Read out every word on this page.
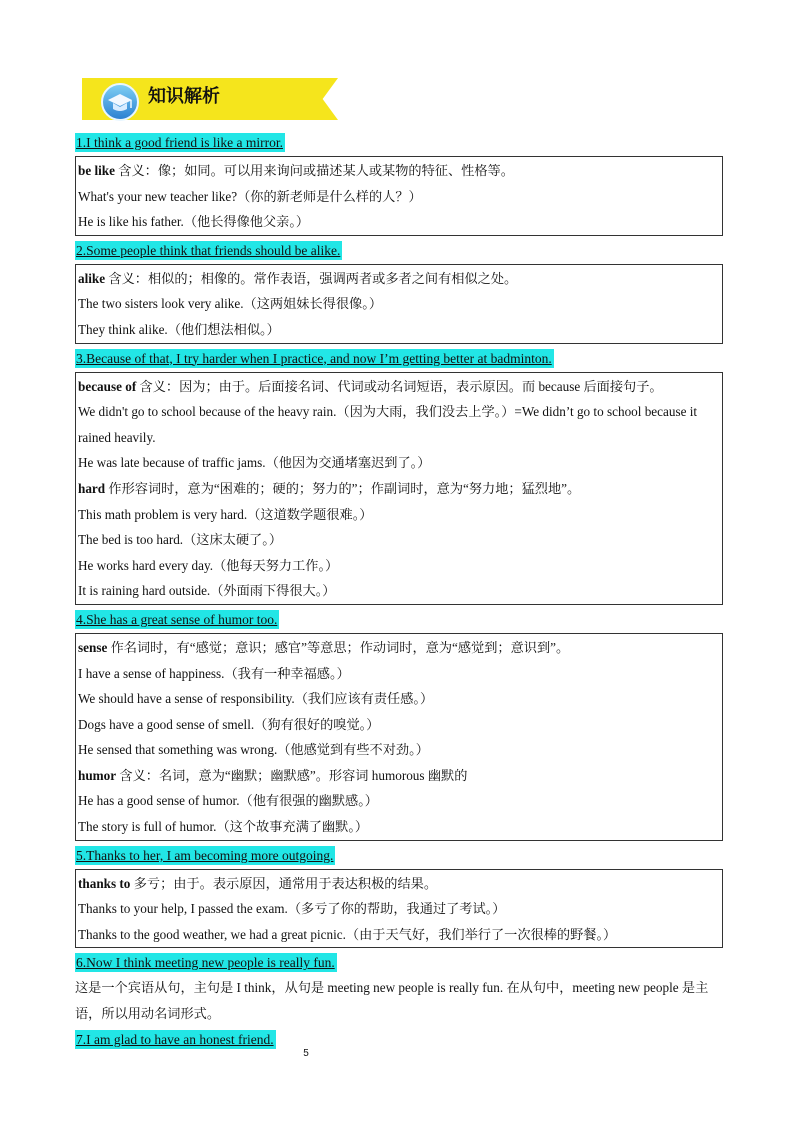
知识解析
1.I think a good friend is like a mirror.
be like 含义：像；如同。可以用来询问或描述某人或某物的特征、性格等。
What's your new teacher like?（你的新老师是什么样的人？）
He is like his father.（他长得像他父亲。）
2.Some people think that friends should be alike.
alike 含义：相似的；相像的。常作表语，强调两者或多者之间有相似之处。
The two sisters look very alike.（这两姐妹长得很像。）
They think alike.（他们想法相似。）
3.Because of that, I try harder when I practice, and now I’m getting better at badminton.
because of 含义：因为；由于。后面接名词、代词或动名词短语，表示原因。而 because 后面接句子。
We didn't go to school because of the heavy rain.（因为大雨，我们没去上学。）=We didn’t go to school because it rained heavily.
He was late because of traffic jams.（他因为交通堵塞迟到了。）
hard 作形容词时，意为“困难的；硬的；努力的”；作副词时，意为“努力地；猛烈地”。
This math problem is very hard.（这道数学题很难。）
The bed is too hard.（这床太硬了。）
He works hard every day.（他每天努力工作。）
It is raining hard outside.（外面雨下得很大。）
4.She has a great sense of humor too.
sense 作名词时，有“感觉；意识；感官”等意思；作动词时，意为“感觉到；意识到”。
I have a sense of happiness.（我有一种幸福感。）
We should have a sense of responsibility.（我们应该有责任感。）
Dogs have a good sense of smell.（狗有很好的嗅觉。）
He sensed that something was wrong.（他感觉到有些不对劲。）
humor 含义：名词，意为“幽默；幽默感”。形容词 humorous 幽默的
He has a good sense of humor.（他有很强的幽默感。）
The story is full of humor.（这个故事充满了幽默。）
5.Thanks to her, I am becoming more outgoing.
thanks to 多亏；由于。表示原因，通常用于表达积极的结果。
Thanks to your help, I passed the exam.（多亏了你的帮助，我通过了考试。）
Thanks to the good weather, we had a great picnic.（由于天气好，我们举行了一次很棒的野餐。）
6.Now I think meeting new people is really fun.
这是一个宾语从句，主句是 I think，从句是 meeting new people is really fun. 在从句中，meeting new people 是主语，所以用动名词形式。
7.I am glad to have an honest friend.
5
